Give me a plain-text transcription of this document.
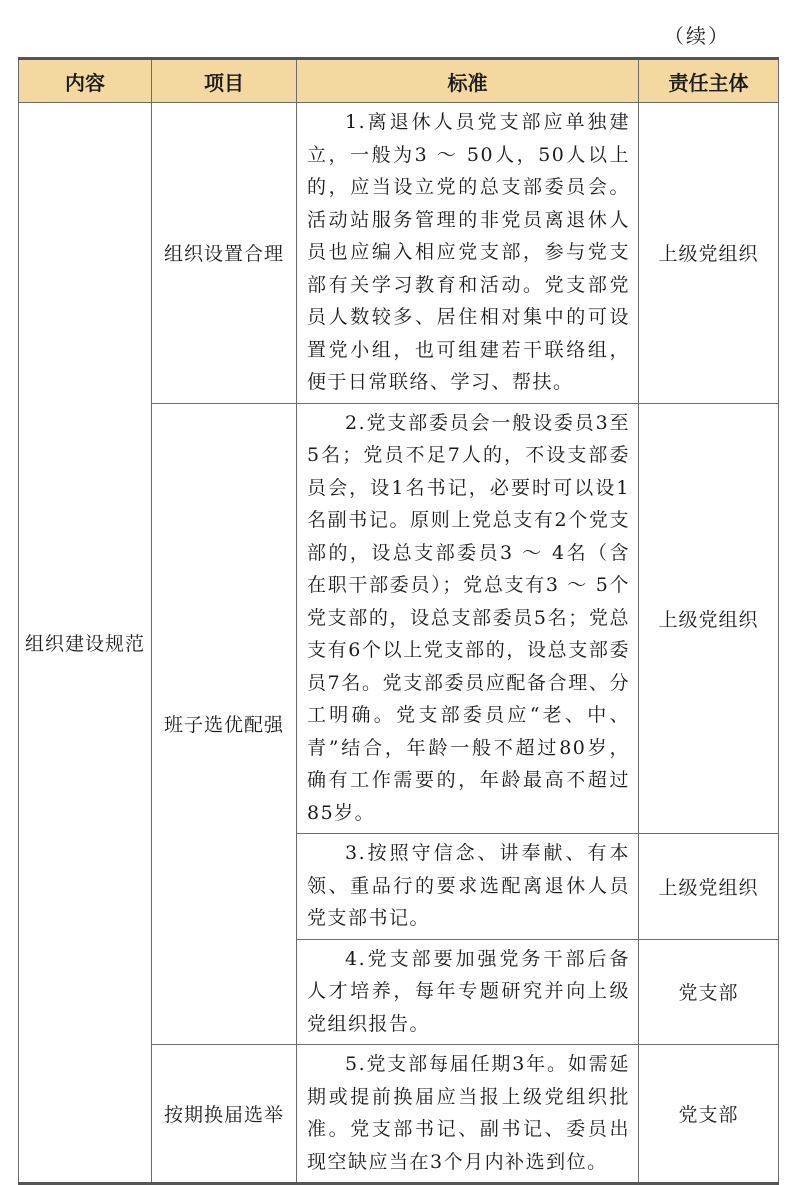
（续）
内容	项目	标准	责任主体
组织建设规范	组织设置合理	1.离退休人员党支部应单独建立，一般为3 ～ 50人，50人以上的，应当设立党的总支部委员会。活动站服务管理的非党员离退休人员也应编入相应党支部，参与党支部有关学习教育和活动。党支部党员人数较多、居住相对集中的可设置党小组，也可组建若干联络组，便于日常联络、学习、帮扶。	上级党组织
	班子选优配强	2.党支部委员会一般设委员3至5名；党员不足7人的，不设支部委员会，设1名书记，必要时可以设1名副书记。原则上党总支有2个党支部的，设总支部委员3 ～ 4名（含在职干部委员）；党总支有3 ～ 5个党支部的，设总支部委员5名；党总支有6个以上党支部的，设总支部委员7名。党支部委员应配备合理、分工明确。党支部委员应“老、中、青”结合，年龄一般不超过80岁，确有工作需要的，年龄最高不超过85岁。	上级党组织

		3.按照守信念、讲奉献、有本领、重品行的要求选配离退休人员党支部书记。	上级党组织

		4.党支部要加强党务干部后备人才培养，每年专题研究并向上级党组织报告。	党支部
	按期换届选举	5.党支部每届任期3年。如需延期或提前换届应当报上级党组织批准。党支部书记、副书记、委员出现空缺应当在3个月内补选到位。	党支部
